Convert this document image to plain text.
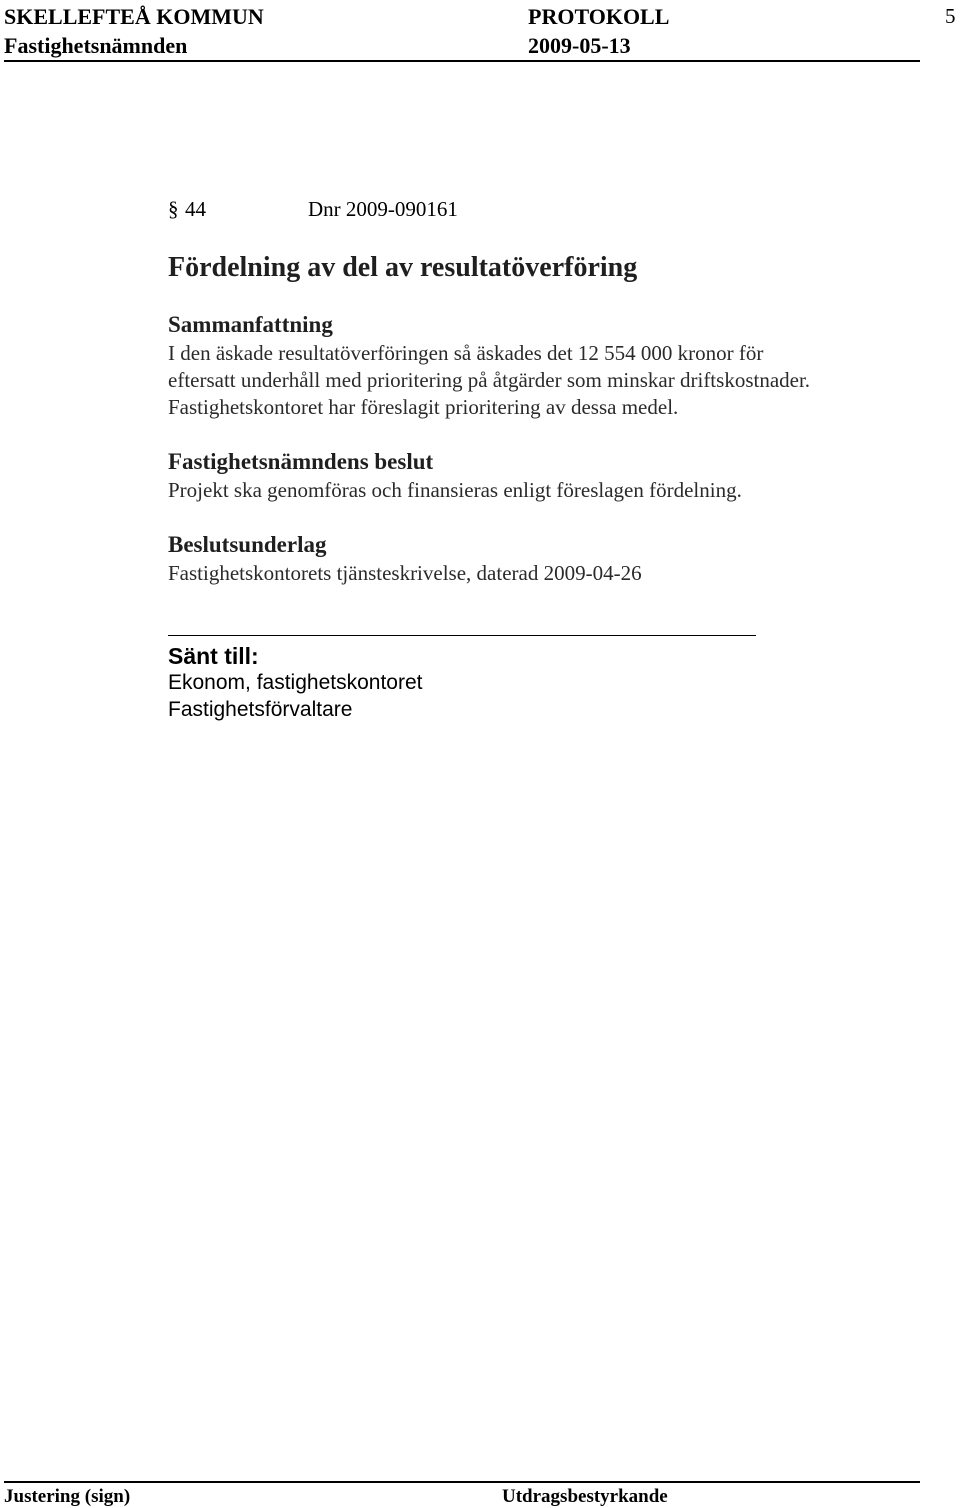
SKELLEFTEÅ KOMMUN	PROTOKOLL	5
Fastighetsnämnden	2009-05-13
§ 44	Dnr 2009-090161
Fördelning av del av resultatöverföring
Sammanfattning
I den äskade resultatöverföringen så äskades det 12 554 000 kronor för
eftersatt underhåll med prioritering på åtgärder som minskar driftskostnader.
Fastighetskontoret har föreslagit prioritering av dessa medel.
Fastighetsnämndens beslut
Projekt ska genomföras och finansieras enligt föreslagen fördelning.
Beslutsunderlag
Fastighetskontorets tjänsteskrivelse, daterad 2009-04-26
Sänt till:
Ekonom, fastighetskontoret
Fastighetsförvaltare
Justering (sign)	Utdragsbestyrkande
